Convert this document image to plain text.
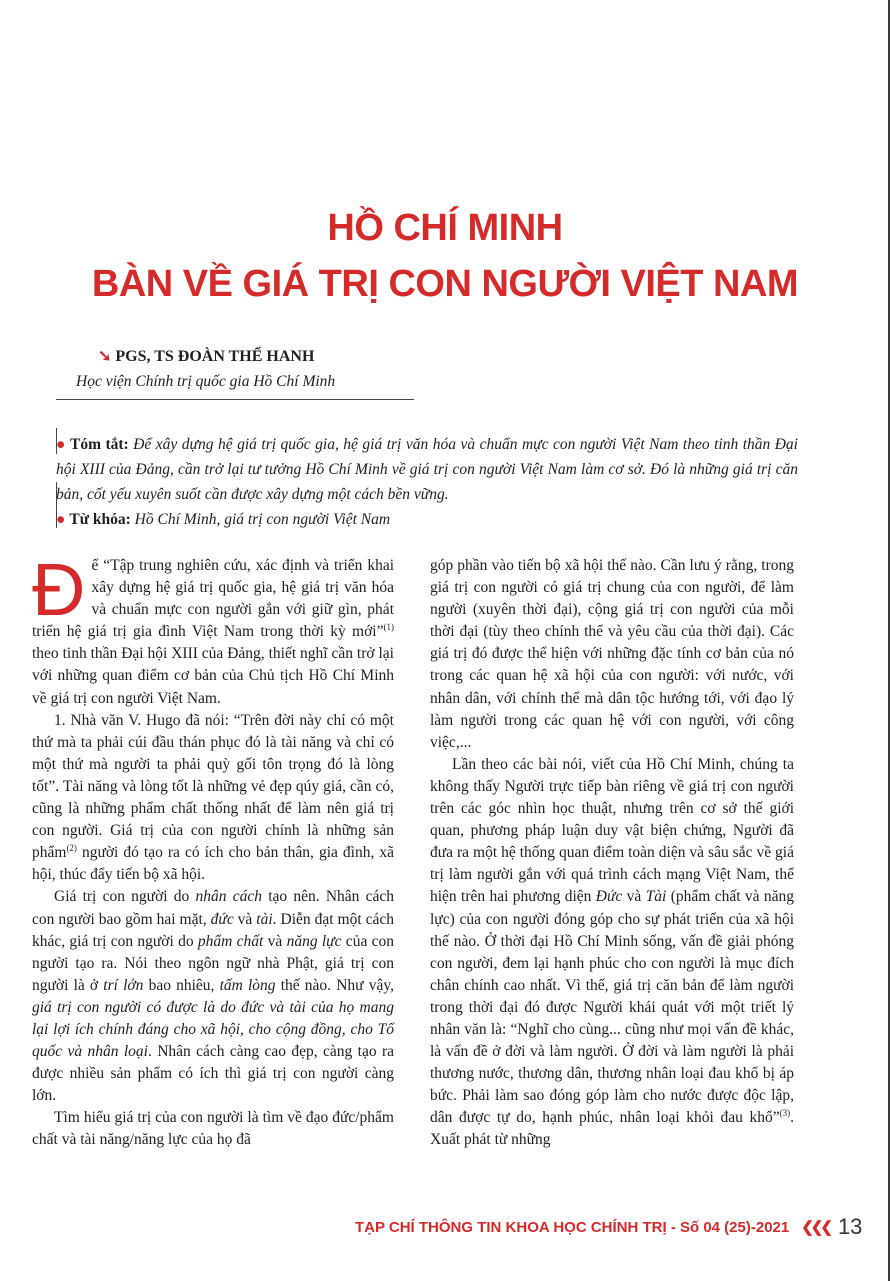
HỒ CHÍ MINH
BÀN VỀ GIÁ TRỊ CON NGƯỜI VIỆT NAM
➘ PGS, TS ĐOÀN THẾ HANH
Học viện Chính trị quốc gia Hồ Chí Minh

● Tóm tắt: Để xây dựng hệ giá trị quốc gia, hệ giá trị văn hóa và chuẩn mực con người Việt Nam theo tinh thần Đại hội XIII của Đảng, cần trở lại tư tưởng Hồ Chí Minh về giá trị con người Việt Nam làm cơ sở. Đó là những giá trị căn bản, cốt yếu xuyên suốt cần được xây dựng một cách bền vững.

● Từ khóa: Hồ Chí Minh, giá trị con người Việt Nam

Để “Tập trung nghiên cứu, xác định và triển khai xây dựng hệ giá trị quốc gia, hệ giá trị văn hóa và chuẩn mực con người gắn với giữ gìn, phát triển hệ giá trị gia đình Việt Nam trong thời kỳ mới”$^{(1)}$ theo tinh thần Đại hội XIII của Đảng, thiết nghĩ cần trở lại với những quan điểm cơ bản của Chủ tịch Hồ Chí Minh về giá trị con người Việt Nam.

1. Nhà văn V. Hugo đã nói: “Trên đời này chỉ có một thứ mà ta phải cúi đầu thán phục đó là tài năng và chỉ có một thứ mà người ta phải quỳ gối tôn trọng đó là lòng tốt”. Tài năng và lòng tốt là những vẻ đẹp qúy giá, cần có, cũng là những phẩm chất thống nhất để làm nên giá trị con người. Giá trị của con người chính là những sản phẩm$^{(2)}$ người đó tạo ra có ích cho bản thân, gia đình, xã hội, thúc đẩy tiến bộ xã hội.

Giá trị con người do nhân cách tạo nên. Nhân cách con người bao gồm hai mặt, đức và tài. Diễn đạt một cách khác, giá trị con người do phẩm chất và năng lực của con người tạo ra. Nói theo ngôn ngữ nhà Phật, giá trị con người là ở trí lớn bao nhiêu, tấm lòng thế nào. Như vậy, giá trị con người có được là do đức và tài của họ mang lại lợi ích chính đáng cho xã hội, cho cộng đồng, cho Tổ quốc và nhân loại. Nhân cách càng cao đẹp, càng tạo ra được nhiều sản phẩm có ích thì giá trị con người càng lớn.

Tìm hiểu giá trị của con người là tìm về đạo đức/phẩm chất và tài năng/năng lực của họ đã

góp phần vào tiến bộ xã hội thế nào. Cần lưu ý rằng, trong giá trị con người có giá trị chung của con người, để làm người (xuyên thời đại), cộng giá trị con người của mỗi thời đại (tùy theo chính thể và yêu cầu của thời đại). Các giá trị đó được thể hiện với những đặc tính cơ bản của nó trong các quan hệ xã hội của con người: với nước, với nhân dân, với chính thể mà dân tộc hướng tới, với đạo lý làm người trong các quan hệ với con người, với công việc,...

Lần theo các bài nói, viết của Hồ Chí Minh, chúng ta không thấy Người trực tiếp bàn riêng về giá trị con người trên các góc nhìn học thuật, nhưng trên cơ sở thế giới quan, phương pháp luận duy vật biện chứng, Người đã đưa ra một hệ thống quan điểm toàn diện và sâu sắc về giá trị làm người gắn với quá trình cách mạng Việt Nam, thể hiện trên hai phương diện Đức và Tài (phẩm chất và năng lực) của con người đóng góp cho sự phát triển của xã hội thế nào. Ở thời đại Hồ Chí Minh sống, vấn đề giải phóng con người, đem lại hạnh phúc cho con người là mục đích chân chính cao nhất. Vì thế, giá trị căn bản để làm người trong thời đại đó được Người khái quát với một triết lý nhân văn là: “Nghĩ cho cùng... cũng như mọi vấn đề khác, là vấn đề ở đời và làm người. Ở đời và làm người là phải thương nước, thương dân, thương nhân loại đau khổ bị áp bức. Phải làm sao đóng góp làm cho nước được độc lập, dân được tự do, hạnh phúc, nhân loại khỏi đau khổ”$^{(3)}$. Xuất phát từ những

TẠP CHÍ THÔNG TIN KHOA HỌC CHÍNH TRỊ - Số 04 (25)-2021 ❮❮❮ 13
